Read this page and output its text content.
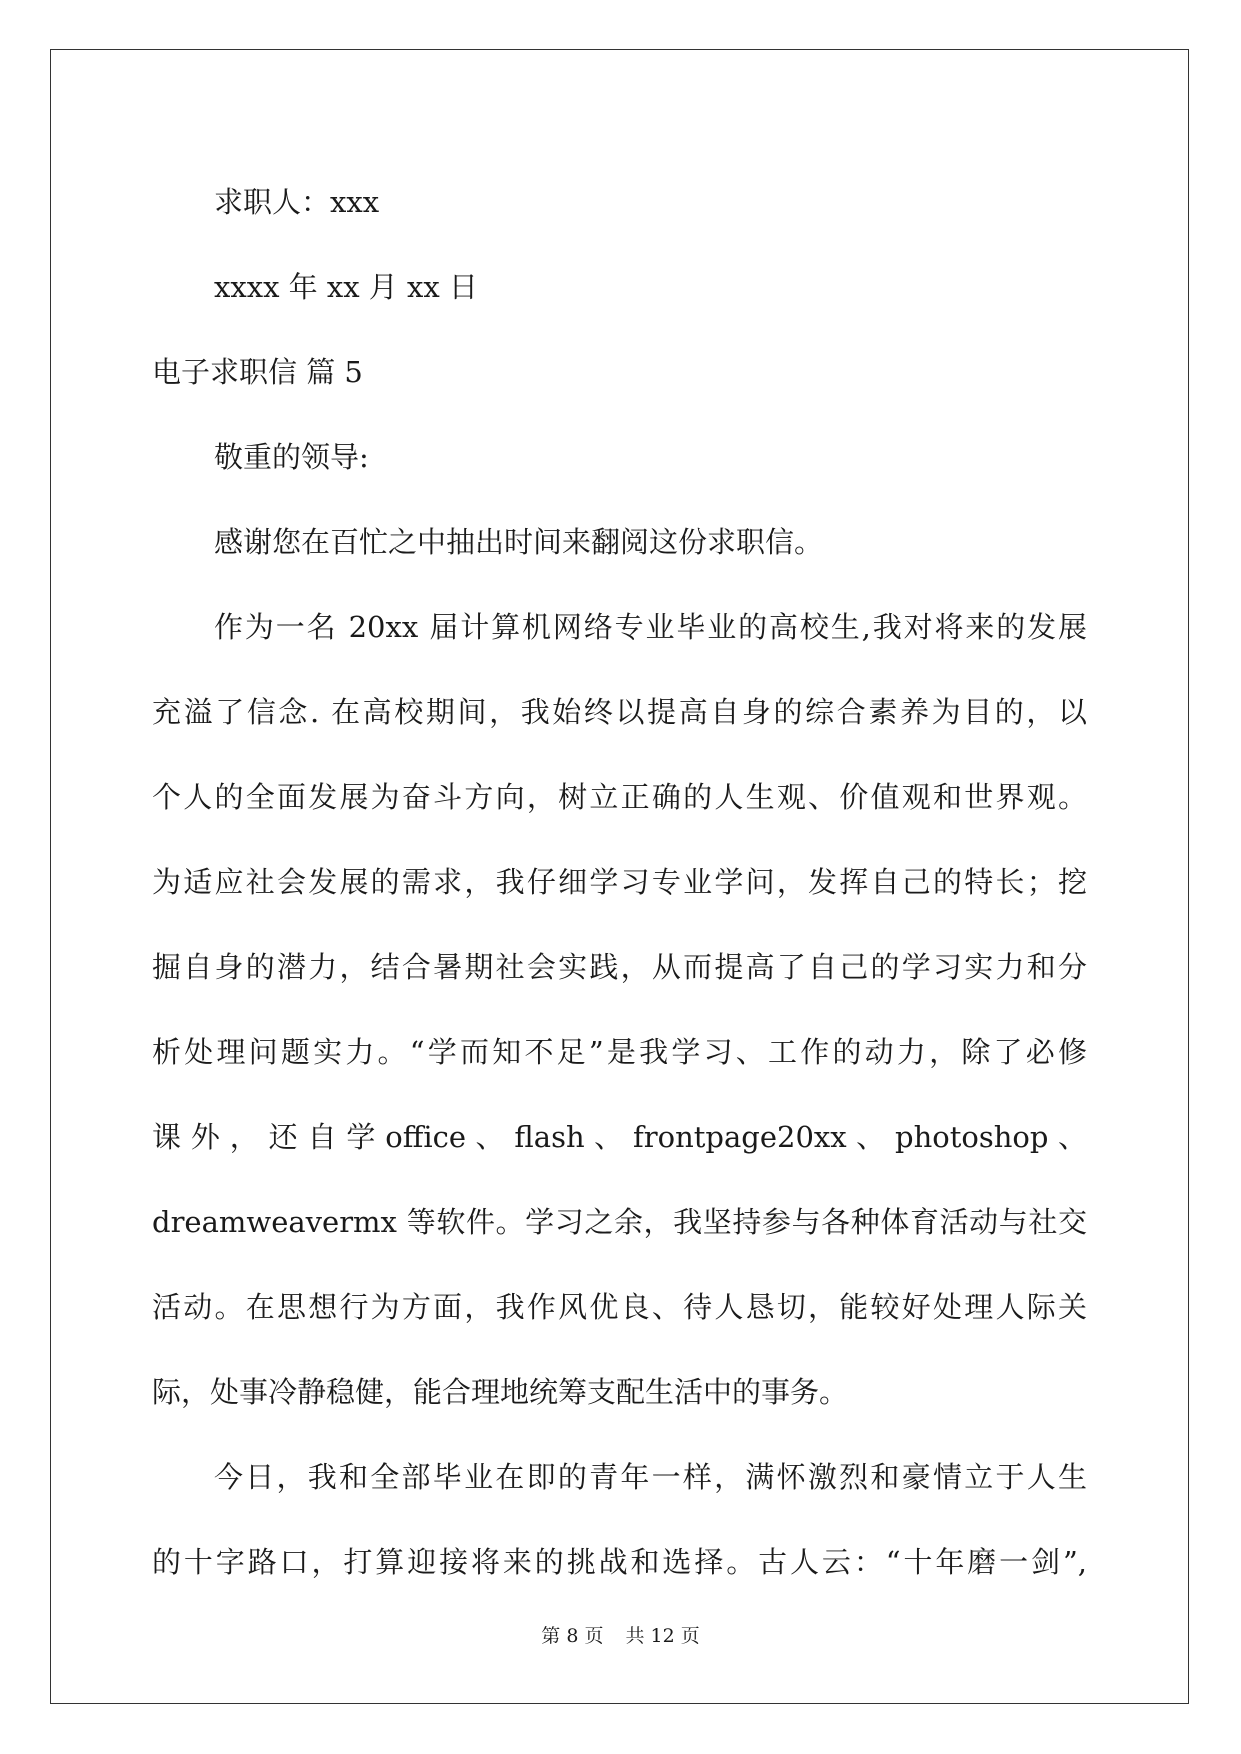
求职人：xxx
xxxx 年 xx 月 xx 日
电子求职信 篇 5
敬重的领导:
感谢您在百忙之中抽出时间来翻阅这份求职信。
作为一名 20xx 届计算机网络专业毕业的高校生,我对将来的发展
充溢了信念. 在高校期间，我始终以提高自身的综合素养为目的，以
个人的全面发展为奋斗方向，树立正确的人生观、价值观和世界观。
为适应社会发展的需求，我仔细学习专业学问，发挥自己的特长；挖
掘自身的潜力，结合暑期社会实践，从而提高了自己的学习实力和分
析处理问题实力。“学而知不足”是我学习、工作的动力，除了必修
课 外 ， 还 自 学 office 、 flash 、 frontpage20xx 、 photoshop 、
dreamweavermx 等软件。学习之余，我坚持参与各种体育活动与社交
活动。在思想行为方面，我作风优良、待人恳切，能较好处理人际关
际，处事冷静稳健，能合理地统筹支配生活中的事务。
今日，我和全部毕业在即的青年一样，满怀激烈和豪情立于人生
的十字路口，打算迎接将来的挑战和选择。古人云：“十年磨一剑”,
第 8 页 共 12 页
